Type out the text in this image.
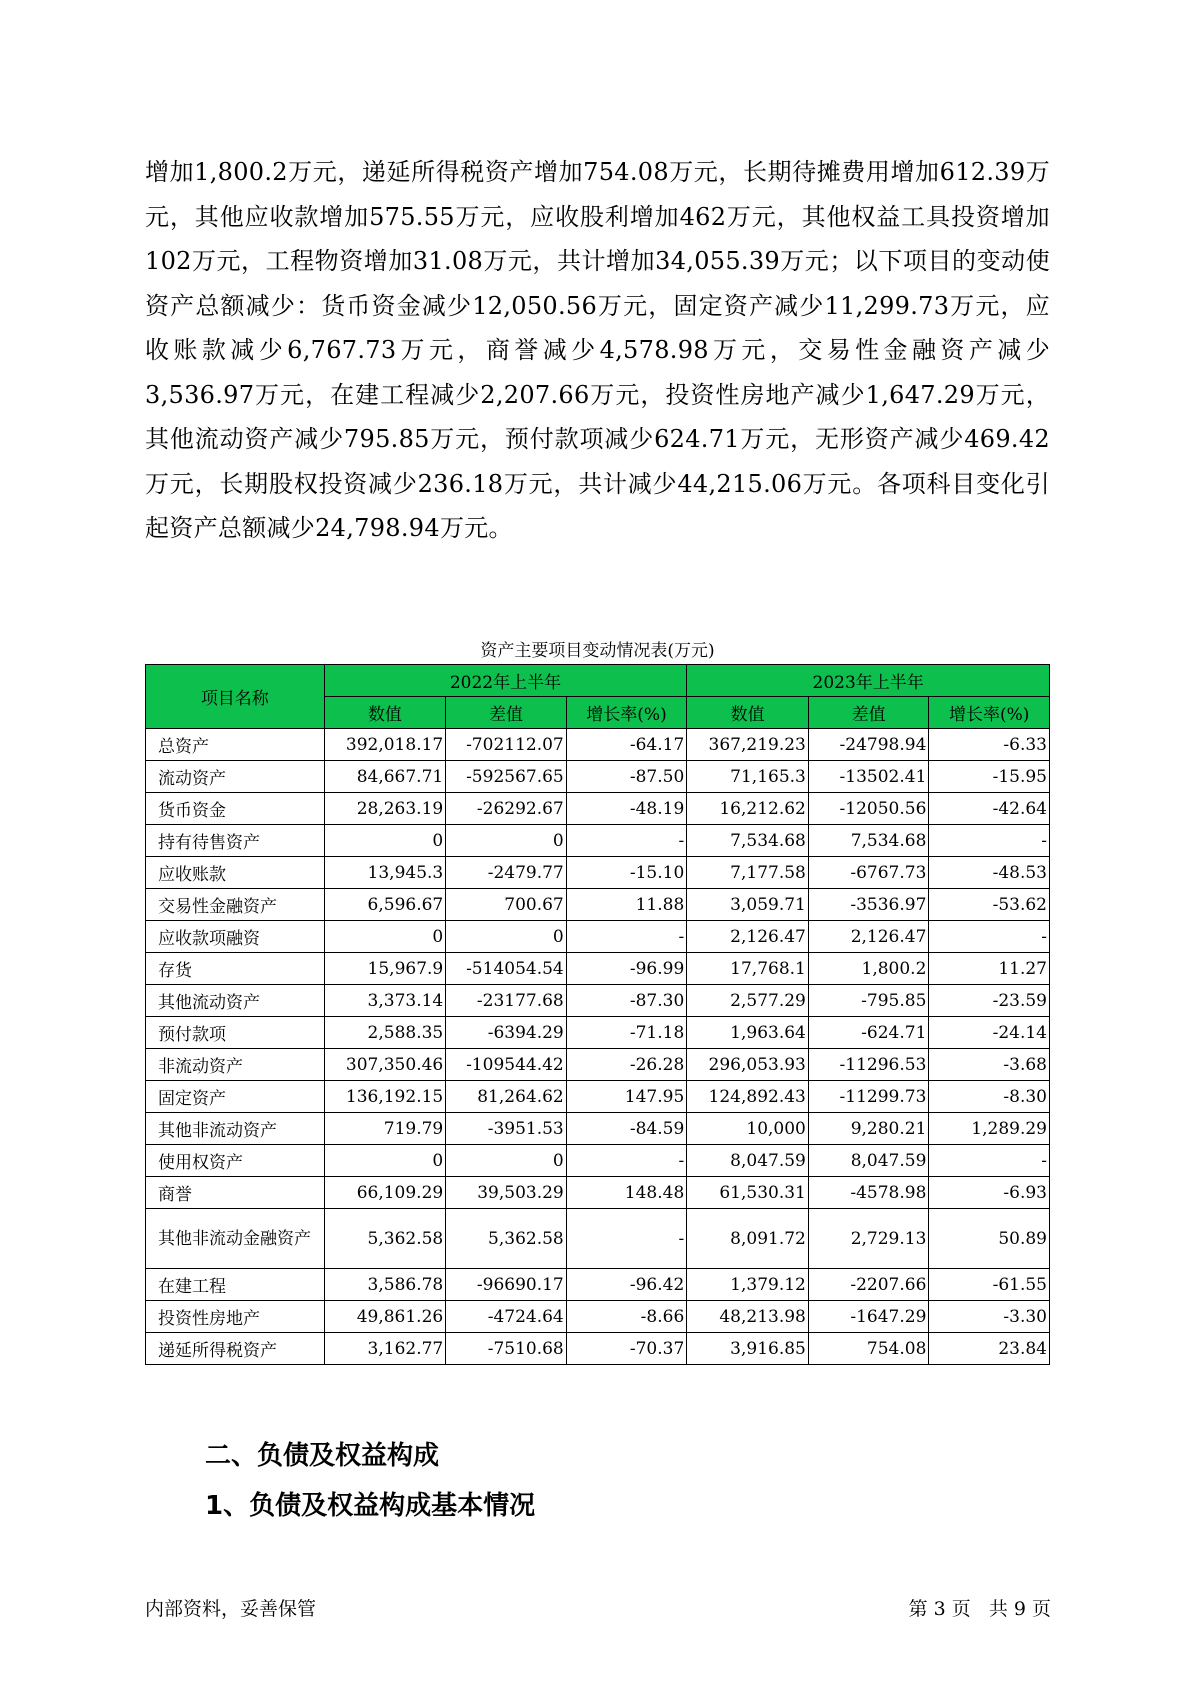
增加1,800.2万元，递延所得税资产增加754.08万元，长期待摊费用增加612.39万元，其他应收款增加575.55万元，应收股利增加462万元，其他权益工具投资增加102万元，工程物资增加31.08万元，共计增加34,055.39万元；以下项目的变动使资产总额减少：货币资金减少12,050.56万元，固定资产减少11,299.73万元，应收账款减少6,767.73万元，商誉减少4,578.98万元，交易性金融资产减少3,536.97万元，在建工程减少2,207.66万元，投资性房地产减少1,647.29万元，其他流动资产减少795.85万元，预付款项减少624.71万元，无形资产减少469.42万元，长期股权投资减少236.18万元，共计减少44,215.06万元。各项科目变化引起资产总额减少24,798.94万元。

资产主要项目变动情况表(万元)
项目名称	2022年上半年			2023年上半年		
	数值	差值	增长率(%)	数值	差值	增长率(%)
总资产	392,018.17	-702112.07	-64.17	367,219.23	-24798.94	-6.33
流动资产	84,667.71	-592567.65	-87.50	71,165.3	-13502.41	-15.95
货币资金	28,263.19	-26292.67	-48.19	16,212.62	-12050.56	-42.64
持有待售资产	0	0	-	7,534.68	7,534.68	-
应收账款	13,945.3	-2479.77	-15.10	7,177.58	-6767.73	-48.53
交易性金融资产	6,596.67	700.67	11.88	3,059.71	-3536.97	-53.62
应收款项融资	0	0	-	2,126.47	2,126.47	-
存货	15,967.9	-514054.54	-96.99	17,768.1	1,800.2	11.27
其他流动资产	3,373.14	-23177.68	-87.30	2,577.29	-795.85	-23.59
预付款项	2,588.35	-6394.29	-71.18	1,963.64	-624.71	-24.14
非流动资产	307,350.46	-109544.42	-26.28	296,053.93	-11296.53	-3.68
固定资产	136,192.15	81,264.62	147.95	124,892.43	-11299.73	-8.30
其他非流动资产	719.79	-3951.53	-84.59	10,000	9,280.21	1,289.29
使用权资产	0	0	-	8,047.59	8,047.59	-
商誉	66,109.29	39,503.29	148.48	61,530.31	-4578.98	-6.93
其他非流动金融资产	5,362.58	5,362.58	-	8,091.72	2,729.13	50.89
在建工程	3,586.78	-96690.17	-96.42	1,379.12	-2207.66	-61.55
投资性房地产	49,861.26	-4724.64	-8.66	48,213.98	-1647.29	-3.30
递延所得税资产	3,162.77	-7510.68	-70.37	3,916.85	754.08	23.84
二、负债及权益构成
1、负债及权益构成基本情况
内部资料，妥善保管	第 3 页   共 9 页
